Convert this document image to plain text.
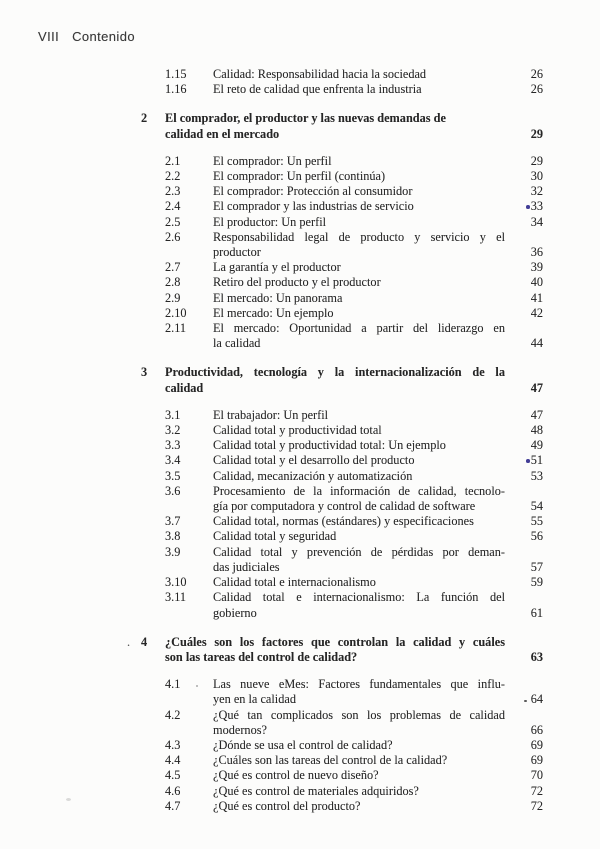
VIII Contenido
1.15	Calidad: Responsabilidad hacia la sociedad	26
1.16	El reto de calidad que enfrenta la industria	26
2	El comprador, el productor y las nuevas demandas de
calidad en el mercado	29
2.1	El comprador: Un perfil	29
2.2	El comprador: Un perfil (continúa)	30
2.3	El comprador: Protección al consumidor	32
2.4	El comprador y las industrias de servicio	33
2.5	El productor: Un perfil	34
2.6	Responsabilidad legal de producto y servicio y el
productor	36
2.7	La garantía y el productor	39
2.8	Retiro del producto y el productor	40
2.9	El mercado: Un panorama	41
2.10	El mercado: Un ejemplo	42
2.11	El mercado: Oportunidad a partir del liderazgo en
la calidad	44
3	Productividad, tecnología y la internacionalización de la
calidad	47
3.1	El trabajador: Un perfil	47
3.2	Calidad total y productividad total	48
3.3	Calidad total y productividad total: Un ejemplo	49
3.4	Calidad total y el desarrollo del producto	51
3.5	Calidad, mecanización y automatización	53
3.6	Procesamiento de la información de calidad, tecnolo-
gía por computadora y control de calidad de software	54
3.7	Calidad total, normas (estándares) y especificaciones	55
3.8	Calidad total y seguridad	56
3.9	Calidad total y prevención de pérdidas por deman-
das judiciales	57
3.10	Calidad total e internacionalismo	59
3.11	Calidad total e internacionalismo: La función del
gobierno	61
. 4	¿Cuáles son los factores que controlan la calidad y cuáles
son las tareas del control de calidad?	63
4.1	Las nueve eMes: Factores fundamentales que influ-
yen en la calidad	64
4.2	¿Qué tan complicados son los problemas de calidad
modernos?	66
4.3	¿Dónde se usa el control de calidad?	69
4.4	¿Cuáles son las tareas del control de la calidad?	69
4.5	¿Qué es control de nuevo diseño?	70
4.6	¿Qué es control de materiales adquiridos?	72
4.7	¿Qué es control del producto?	72
